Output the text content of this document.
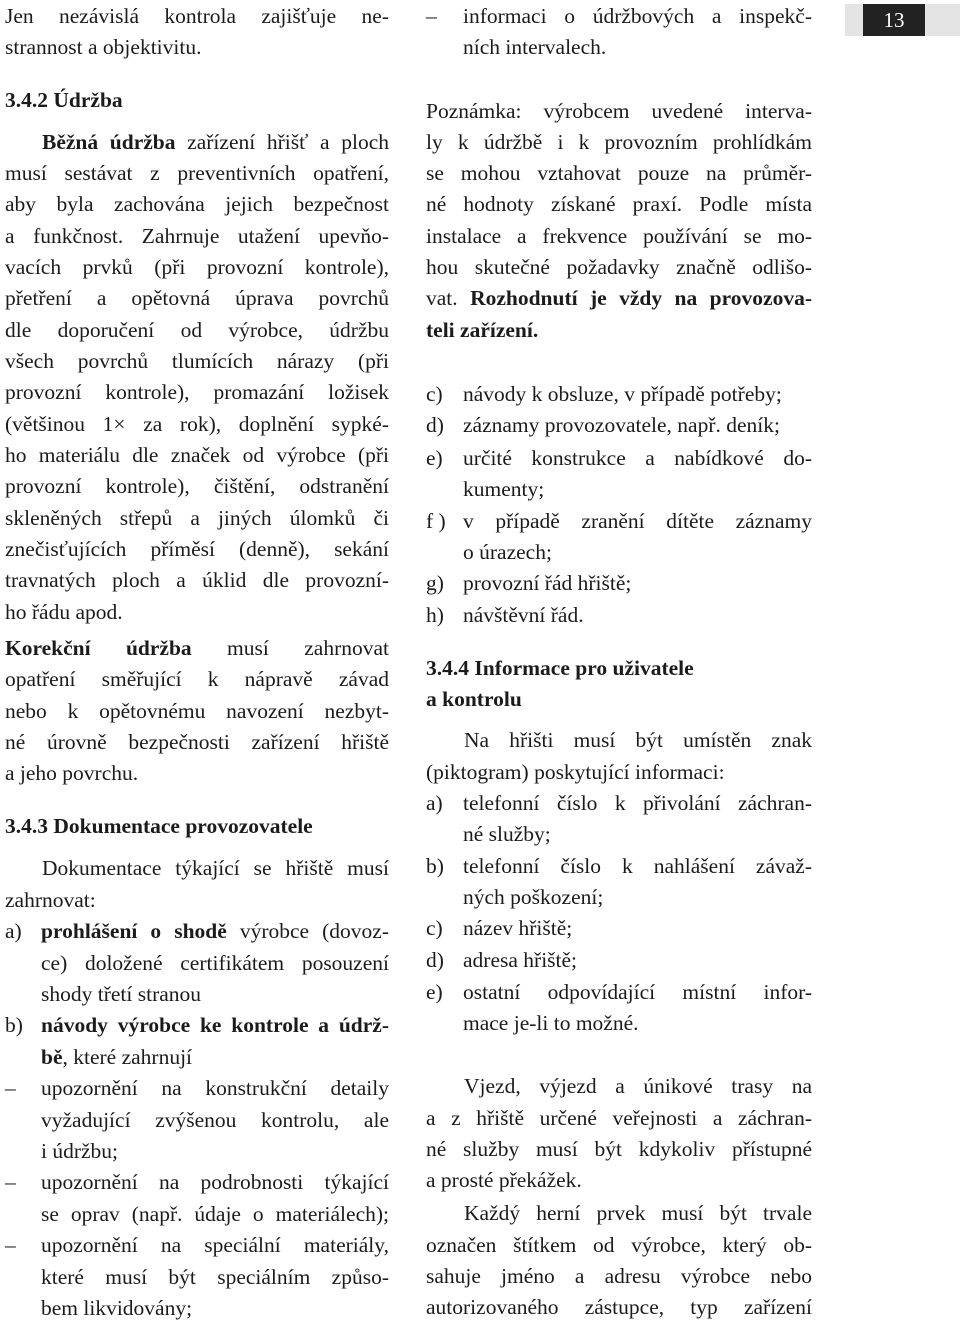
13
Jen nezávislá kontrola zajišťuje ne-
strannost a objektivitu.
3.4.2 Údržba
Běžná údržba zařízení hřišť a ploch
musí sestávat z preventivních opatření,
aby byla zachována jejich bezpečnost
a funkčnost. Zahrnuje utažení upevňo-
vacích prvků (při provozní kontrole),
přetření a opětovná úprava povrchů
dle doporučení od výrobce, údržbu
všech povrchů tlumících nárazy (při
provozní kontrole), promazání ložisek
(většinou 1× za rok), doplnění sypké-
ho materiálu dle značek od výrobce (při
provozní kontrole), čištění, odstranění
skleněných střepů a jiných úlomků či
znečisťujících příměsí (denně), sekání
travnatých ploch a úklid dle provozní-
ho řádu apod.
Korekční údržba musí zahrnovat
opatření směřující k nápravě závad
nebo k opětovnému navození nezbyt-
né úrovně bezpečnosti zařízení hřiště
a jeho povrchu.
3.4.3 Dokumentace provozovatele
Dokumentace týkající se hřiště musí
zahrnovat:
a) prohlášení o shodě výrobce (dovoz-
ce) doložené certifikátem posouzení
shody třetí stranou
b) návody výrobce ke kontrole a údrž-
bě, které zahrnují
–	upozornění na konstrukční detaily
vyžadující zvýšenou kontrolu, ale
i údržbu;
–	upozornění na podrobnosti týkající
se oprav (např. údaje o materiálech);
–	upozornění na speciální materiály,
které musí být speciálním způso-
bem likvidovány;
–	informaci o údržbových a inspekč-
ních intervalech.
Poznámka: výrobcem uvedené interva-
ly k údržbě i k provozním prohlídkám
se mohou vztahovat pouze na průměr-
né hodnoty získané praxí. Podle místa
instalace a frekvence používání se mo-
hou skutečné požadavky značně odlišo-
vat. Rozhodnutí je vždy na provozova-
teli zařízení.
c) návody k obsluze, v případě potřeby;
d) záznamy provozovatele, např. deník;
e) určité konstrukce a nabídkové do-
kumenty;
f ) v případě zranění dítěte záznamy
o úrazech;
g) provozní řád hřiště;
h) návštěvní řád.
3.4.4 Informace pro uživatele
a kontrolu
Na hřišti musí být umístěn znak
(piktogram) poskytující informaci:
a) telefonní číslo k přivolání záchran-
né služby;
b) telefonní číslo k nahlášení závaž-
ných poškození;
c) název hřiště;
d) adresa hřiště;
e) ostatní odpovídající místní infor-
mace je-li to možné.
Vjezd, výjezd a únikové trasy na
a z hřiště určené veřejnosti a záchran-
né služby musí být kdykoliv přístupné
a prosté překážek.
Každý herní prvek musí být trvale
označen štítkem od výrobce, který ob-
sahuje jméno a adresu výrobce nebo
autorizovaného zástupce, typ zařízení
